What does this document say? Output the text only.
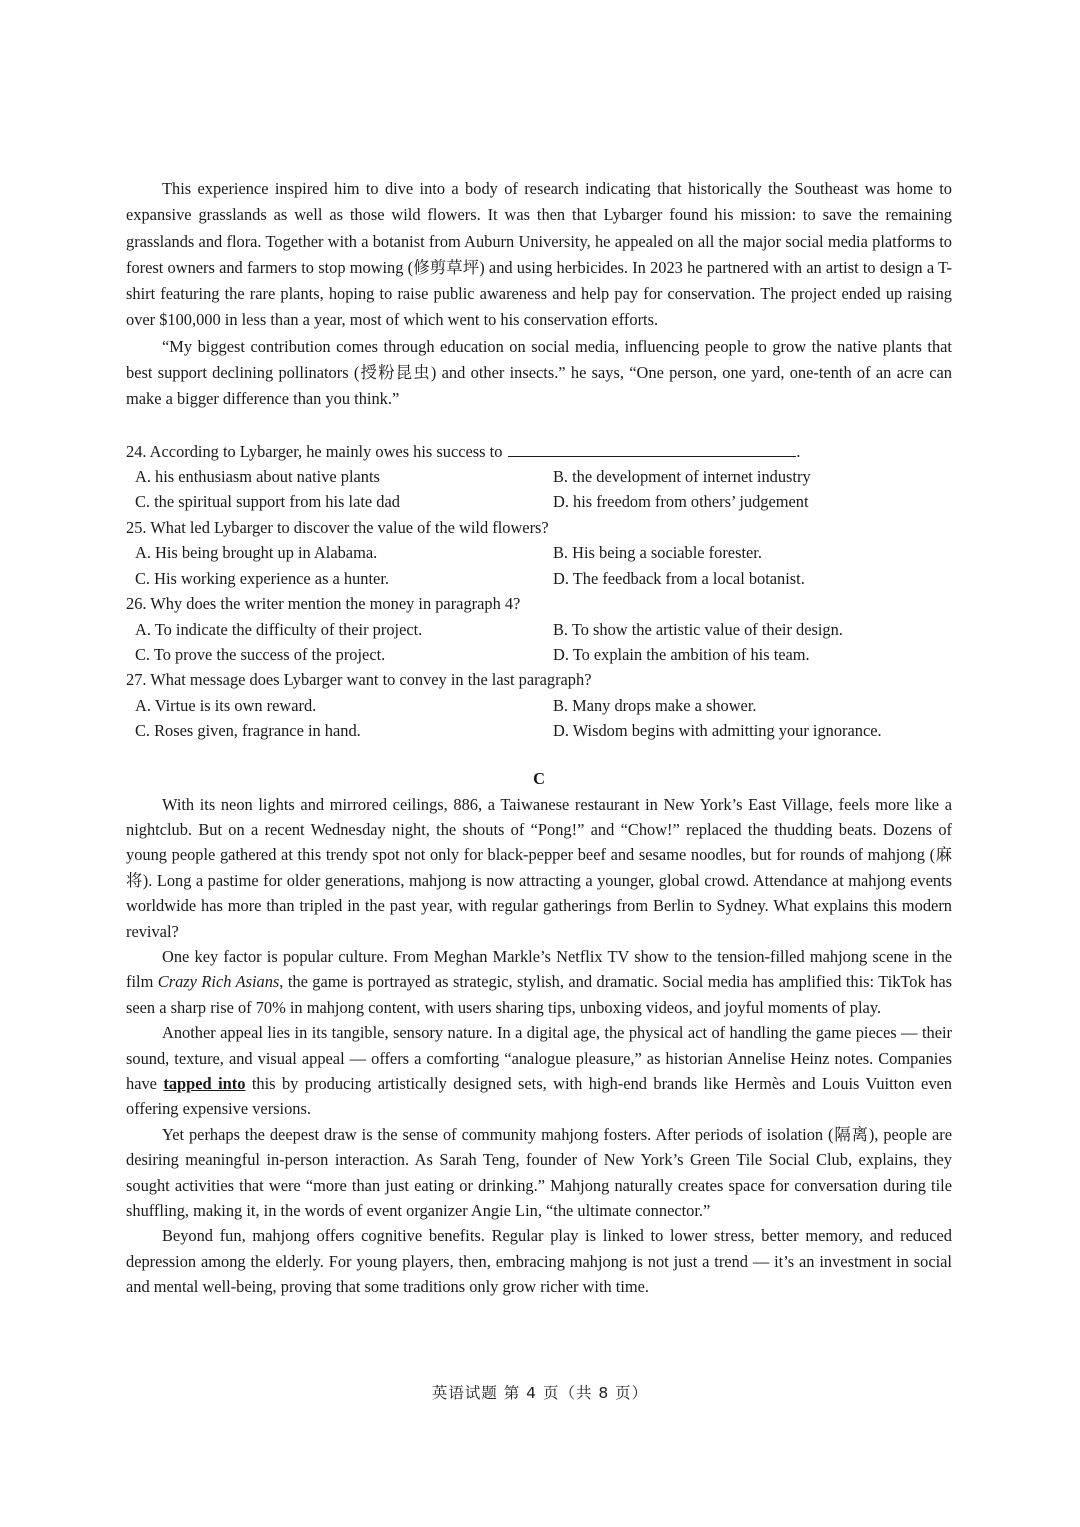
This experience inspired him to dive into a body of research indicating that historically the Southeast was home to expansive grasslands as well as those wild flowers. It was then that Lybarger found his mission: to save the remaining grasslands and flora. Together with a botanist from Auburn University, he appealed on all the major social media platforms to forest owners and farmers to stop mowing (修剪草坪) and using herbicides. In 2023 he partnered with an artist to design a T-shirt featuring the rare plants, hoping to raise public awareness and help pay for conservation. The project ended up raising over $100,000 in less than a year, most of which went to his conservation efforts.

“My biggest contribution comes through education on social media, influencing people to grow the native plants that best support declining pollinators (授粉昆虫) and other insects.” he says, “One person, one yard, one-tenth of an acre can make a bigger difference than you think.”

24. According to Lybarger, he mainly owes his success to	.

A. his enthusiasm about native plants	B. the development of internet industry
C. the spiritual support from his late dad	D. his freedom from others’ judgement

25. What led Lybarger to discover the value of the wild flowers?

A. His being brought up in Alabama.	B. His being a sociable forester.
C. His working experience as a hunter.	D. The feedback from a local botanist.

26. Why does the writer mention the money in paragraph 4?

A. To indicate the difficulty of their project.	B. To show the artistic value of their design.
C. To prove the success of the project.	D. To explain the ambition of his team.

27. What message does Lybarger want to convey in the last paragraph?

A. Virtue is its own reward.	B. Many drops make a shower.
C. Roses given, fragrance in hand.	D. Wisdom begins with admitting your ignorance.

C

With its neon lights and mirrored ceilings, 886, a Taiwanese restaurant in New York’s East Village, feels more like a nightclub. But on a recent Wednesday night, the shouts of “Pong!” and “Chow!” replaced the thudding beats. Dozens of young people gathered at this trendy spot not only for black-pepper beef and sesame noodles, but for rounds of mahjong (麻将). Long a pastime for older generations, mahjong is now attracting a younger, global crowd. Attendance at mahjong events worldwide has more than tripled in the past year, with regular gatherings from Berlin to Sydney. What explains this modern revival?

One key factor is popular culture. From Meghan Markle’s Netflix TV show to the tension-filled mahjong scene in the film Crazy Rich Asians, the game is portrayed as strategic, stylish, and dramatic. Social media has amplified this: TikTok has seen a sharp rise of 70% in mahjong content, with users sharing tips, unboxing videos, and joyful moments of play.

Another appeal lies in its tangible, sensory nature. In a digital age, the physical act of handling the game pieces — their sound, texture, and visual appeal — offers a comforting “analogue pleasure,” as historian Annelise Heinz notes. Companies have tapped into this by producing artistically designed sets, with high-end brands like Hermès and Louis Vuitton even offering expensive versions.

Yet perhaps the deepest draw is the sense of community mahjong fosters. After periods of isolation (隔离), people are desiring meaningful in-person interaction. As Sarah Teng, founder of New York’s Green Tile Social Club, explains, they sought activities that were “more than just eating or drinking.” Mahjong naturally creates space for conversation during tile shuffling, making it, in the words of event organizer Angie Lin, “the ultimate connector.”

Beyond fun, mahjong offers cognitive benefits. Regular play is linked to lower stress, better memory, and reduced depression among the elderly. For young players, then, embracing mahjong is not just a trend — it’s an investment in social and mental well-being, proving that some traditions only grow richer with time.

英语试题 第 4 页（共 8 页）
